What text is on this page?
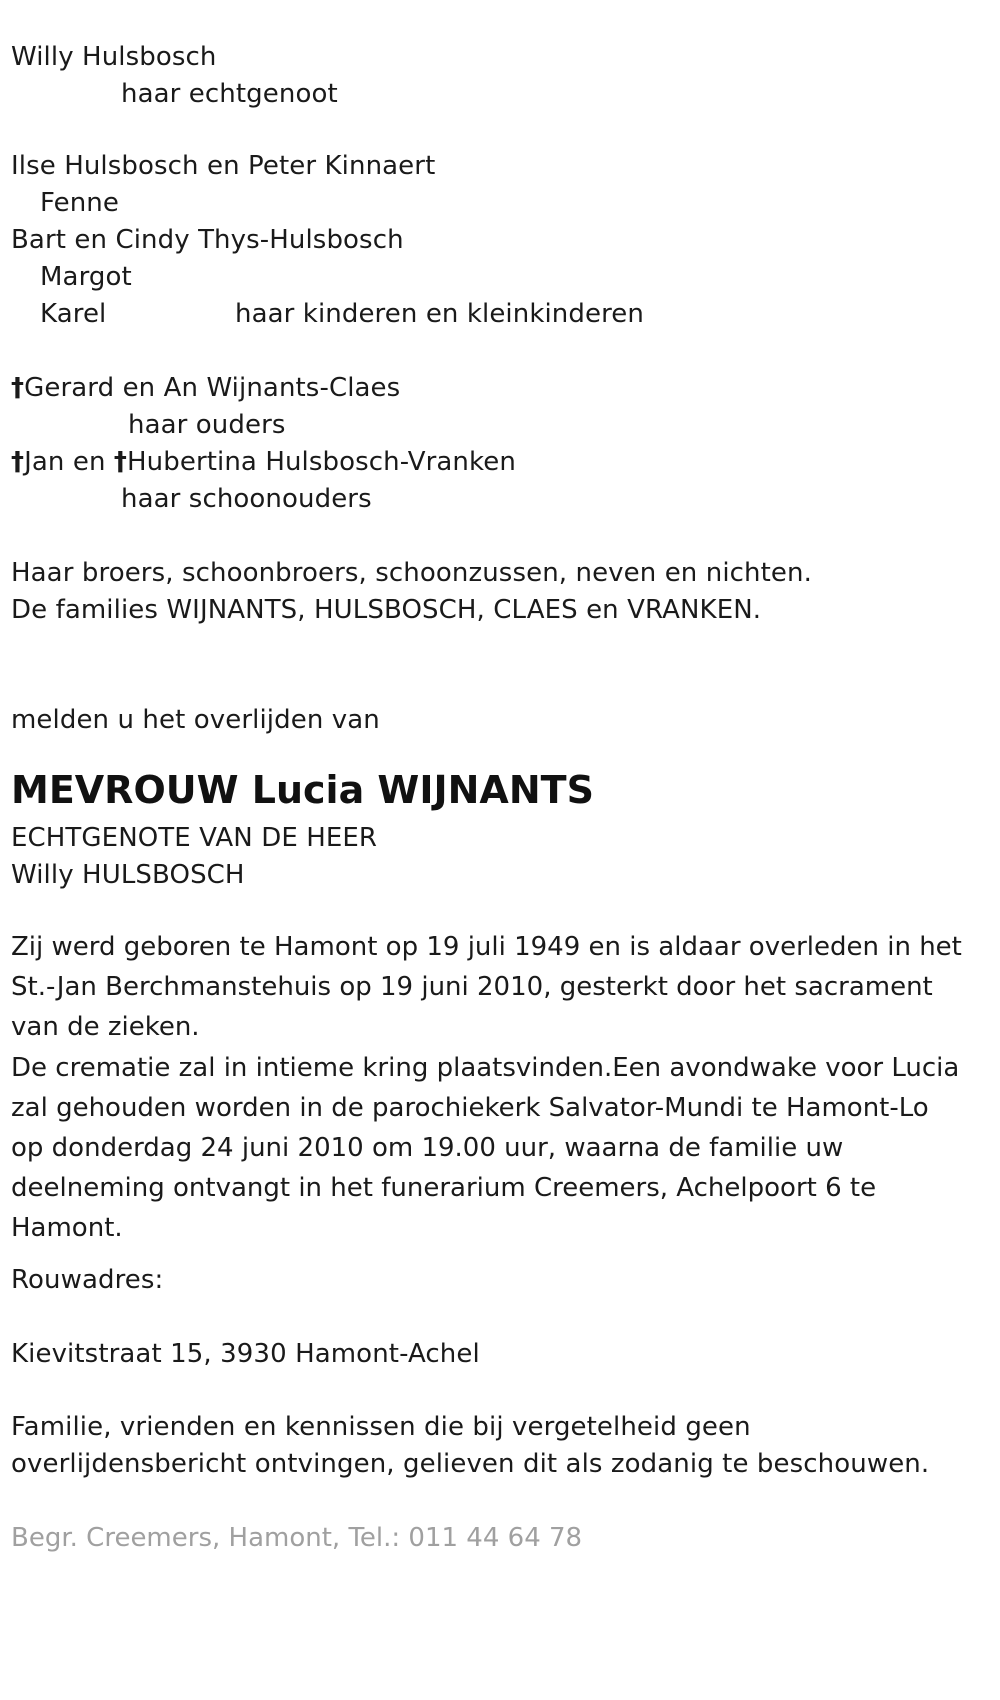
Willy Hulsbosch
haar echtgenoot
Ilse Hulsbosch en Peter Kinnaert
Fenne
Bart en Cindy Thys-Hulsbosch
Margot
Karel	haar kinderen en kleinkinderen
†Gerard en An Wijnants-Claes
haar ouders
†Jan en †Hubertina Hulsbosch-Vranken
haar schoonouders
Haar broers, schoonbroers, schoonzussen, neven en nichten.
De families WIJNANTS, HULSBOSCH, CLAES en VRANKEN.
melden u het overlijden van
MEVROUW Lucia WIJNANTS
ECHTGENOTE VAN DE HEER
Willy HULSBOSCH
Zij werd geboren te Hamont op 19 juli 1949 en is aldaar overleden in het
St.-Jan Berchmanstehuis op 19 juni 2010, gesterkt door het sacrament
van de zieken.
De crematie zal in intieme kring plaatsvinden.Een avondwake voor Lucia
zal gehouden worden in de parochiekerk Salvator-Mundi te Hamont-Lo
op donderdag 24 juni 2010 om 19.00 uur, waarna de familie uw
deelneming ontvangt in het funerarium Creemers, Achelpoort 6 te
Hamont.
Rouwadres:
Kievitstraat 15, 3930 Hamont-Achel
Familie, vrienden en kennissen die bij vergetelheid geen
overlijdensbericht ontvingen, gelieven dit als zodanig te beschouwen.
Begr. Creemers, Hamont, Tel.: 011 44 64 78
